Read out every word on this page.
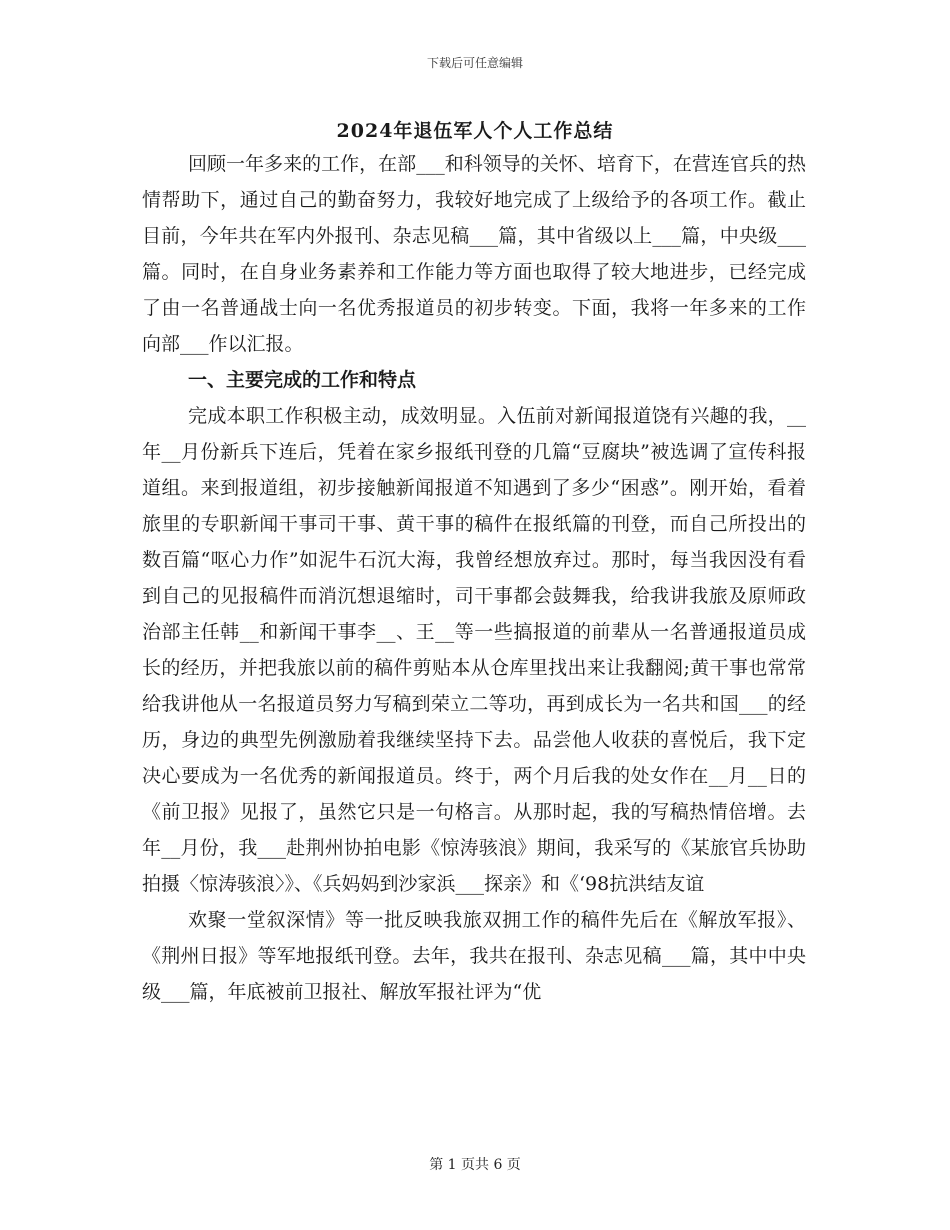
下载后可任意编辑
2024年退伍军人个人工作总结

回顾一年多来的工作，在部___和科领导的关怀、培育下，在营连官兵的热情帮助下，通过自己的勤奋努力，我较好地完成了上级给予的各项工作。截止目前，今年共在军内外报刊、杂志见稿___篇，其中省级以上___篇，中央级___篇。同时，在自身业务素养和工作能力等方面也取得了较大地进步，已经完成了由一名普通战士向一名优秀报道员的初步转变。下面，我将一年多来的工作向部___作以汇报。

一、主要完成的工作和特点

完成本职工作积极主动，成效明显。入伍前对新闻报道饶有兴趣的我，__年__月份新兵下连后，凭着在家乡报纸刊登的几篇“豆腐块”被选调了宣传科报道组。来到报道组，初步接触新闻报道不知遇到了多少“困惑”。刚开始，看着旅里的专职新闻干事司干事、黄干事的稿件在报纸篇的刊登，而自己所投出的数百篇“呕心力作”如泥牛石沉大海，我曾经想放弃过。那时，每当我因没有看到自己的见报稿件而消沉想退缩时，司干事都会鼓舞我，给我讲我旅及原师政治部主任韩__和新闻干事李__、王__等一些搞报道的前辈从一名普通报道员成长的经历，并把我旅以前的稿件剪贴本从仓库里找出来让我翻阅;黄干事也常常给我讲他从一名报道员努力写稿到荣立二等功，再到成长为一名共和国___的经历，身边的典型先例激励着我继续坚持下去。品尝他人收获的喜悦后，我下定决心要成为一名优秀的新闻报道员。终于，两个月后我的处女作在__月__日的《前卫报》见报了，虽然它只是一句格言。从那时起，我的写稿热情倍增。去年__月份，我___赴荆州协拍电影《惊涛骇浪》期间，我采写的《某旅官兵协助拍摄〈惊涛骇浪〉》、《兵妈妈到沙家浜___探亲》和《‘98抗洪结友谊

欢聚一堂叙深情》等一批反映我旅双拥工作的稿件先后在《解放军报》、《荆州日报》等军地报纸刊登。去年，我共在报刊、杂志见稿___篇，其中中央级___篇，年底被前卫报社、解放军报社评为“优

第 1 页共 6 页
